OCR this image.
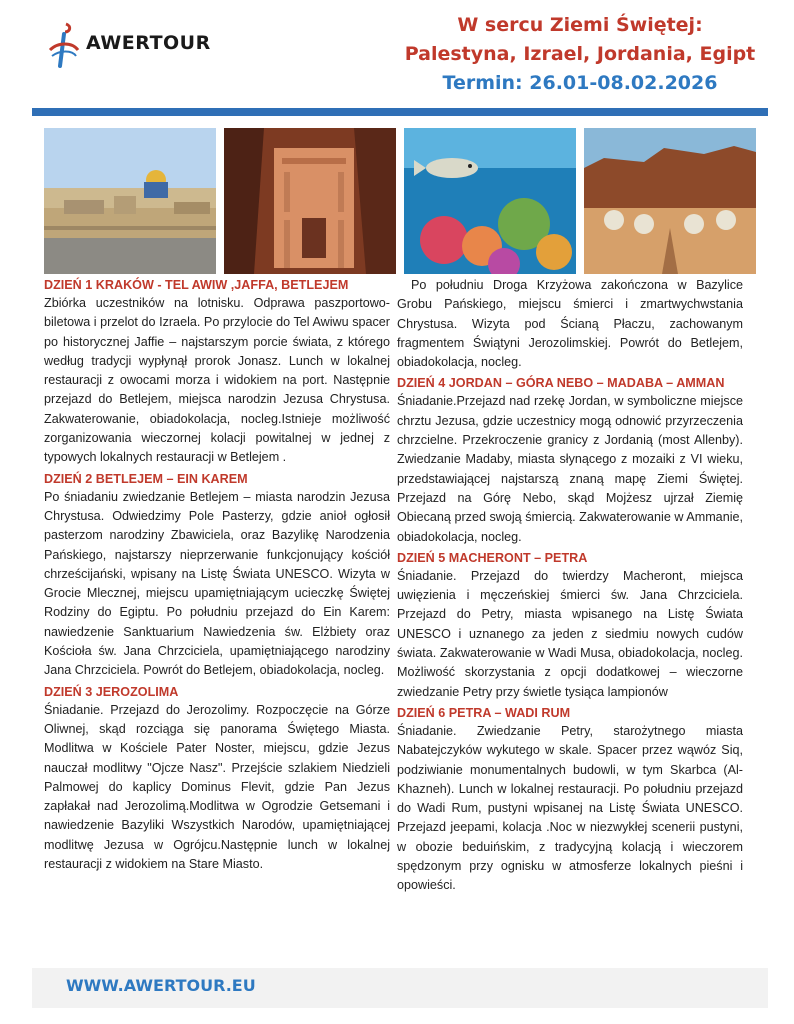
AWERTOUR
W sercu Ziemi Świętej:
Palestyna, Izrael, Jordania, Egipt
Termin: 26.01-08.02.2026

DZIEŃ 1 KRAKÓW - TEL AWIW ,JAFFA, BETLEJEM

Zbiórka uczestników na lotnisku. Odprawa paszportowo-biletowa i przelot do Izraela. Po przylocie do Tel Awiwu spacer po historycznej Jaffie – najstarszym porcie świata, z którego według tradycji wypłynął prorok Jonasz. Lunch w lokalnej restauracji z owocami morza i widokiem na port. Następnie przejazd do Betlejem, miejsca narodzin Jezusa Chrystusa. Zakwaterowanie, obiadokolacja, nocleg.Istnieje możliwość zorganizowania wieczornej kolacji powitalnej w jednej z typowych lokalnych restauracji w Betlejem .

DZIEŃ 2 BETLEJEM – EIN KAREM

Po śniadaniu zwiedzanie Betlejem – miasta narodzin Jezusa Chrystusa. Odwiedzimy Pole Pasterzy, gdzie anioł ogłosił pasterzom narodziny Zbawiciela, oraz Bazylikę Narodzenia Pańskiego, najstarszy nieprzerwanie funkcjonujący kościół chrześcijański, wpisany na Listę Świata UNESCO. Wizyta w Grocie Mlecznej, miejscu upamiętniającym ucieczkę Świętej Rodziny do Egiptu. Po południu przejazd do Ein Karem: nawiedzenie Sanktuarium Nawiedzenia św. Elżbiety oraz Kościoła św. Jana Chrzciciela, upamiętniającego narodziny Jana Chrzciciela. Powrót do Betlejem, obiadokolacja, nocleg.

DZIEŃ 3 JEROZOLIMA

Śniadanie. Przejazd do Jerozolimy. Rozpoczęcie na Górze Oliwnej, skąd rozciąga się panorama Świętego Miasta. Modlitwa w Kościele Pater Noster, miejscu, gdzie Jezus nauczał modlitwy "Ojcze Nasz". Przejście szlakiem Niedzieli Palmowej do kaplicy Dominus Flevit, gdzie Pan Jezus zapłakał nad Jerozolimą.Modlitwa w Ogrodzie Getsemani i nawiedzenie Bazyliki Wszystkich Narodów, upamiętniającej modlitwę Jezusa w Ogrójcu.Następnie lunch w lokalnej restauracji z widokiem na Stare Miasto.

Po południu Droga Krzyżowa zakończona w Bazylice Grobu Pańskiego, miejscu śmierci i zmartwychwstania Chrystusa. Wizyta pod Ścianą Płaczu, zachowanym fragmentem Świątyni Jerozolimskiej. Powrót do Betlejem, obiadokolacja, nocleg.

DZIEŃ 4 JORDAN – GÓRA NEBO – MADABA – AMMAN

Śniadanie.Przejazd nad rzekę Jordan, w symboliczne miejsce chrztu Jezusa, gdzie uczestnicy mogą odnowić przyrzeczenia chrzcielne. Przekroczenie granicy z Jordanią (most Allenby). Zwiedzanie Madaby, miasta słynącego z mozaiki z VI wieku, przedstawiającej najstarszą znaną mapę Ziemi Świętej. Przejazd na Górę Nebo, skąd Mojżesz ujrzał Ziemię Obiecaną przed swoją śmiercią. Zakwaterowanie w Ammanie, obiadokolacja, nocleg.

DZIEŃ 5 MACHERONT – PETRA

Śniadanie. Przejazd do twierdzy Macheront, miejsca uwięzienia i męczeńskiej śmierci św. Jana Chrzciciela. Przejazd do Petry, miasta wpisanego na Listę Świata UNESCO i uznanego za jeden z siedmiu nowych cudów świata. Zakwaterowanie w Wadi Musa, obiadokolacja, nocleg. Możliwość skorzystania z opcji dodatkowej – wieczorne zwiedzanie Petry przy świetle tysiąca lampionów

DZIEŃ 6 PETRA – WADI RUM

Śniadanie. Zwiedzanie Petry, starożytnego miasta Nabatejczyków wykutego w skale. Spacer przez wąwóz Siq, podziwianie monumentalnych budowli, w tym Skarbca (Al-Khazneh). Lunch w lokalnej restauracji. Po południu przejazd do Wadi Rum, pustyni wpisanej na Listę Świata UNESCO. Przejazd jeepami, kolacja .Noc w niezwykłej scenerii pustyni, w obozie beduińskim, z tradycyjną kolacją i wieczorem spędzonym przy ognisku w atmosferze lokalnych pieśni i opowieści.

WWW.AWERTOUR.EU
